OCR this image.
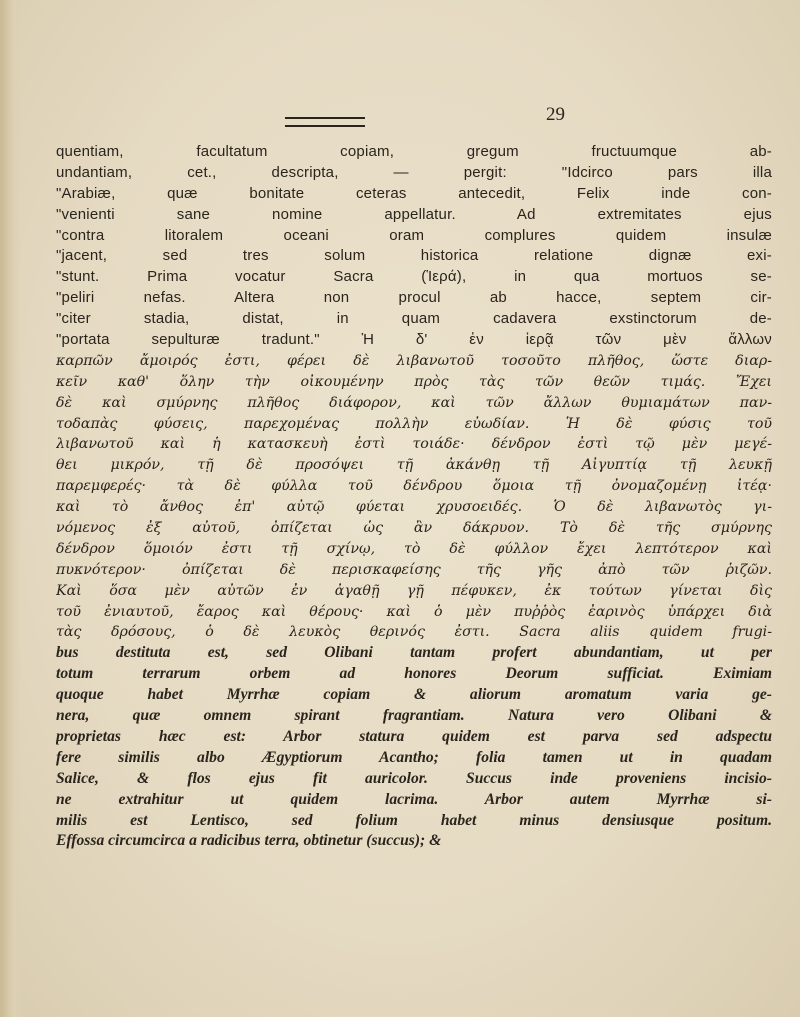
29
quentiam, facultatum copiam, gregum fructuumque ab-
undantiam, cet., descripta, — pergit: "Idcirco pars illa
"Arabiæ, quæ bonitate ceteras antecedit, Felix inde con-
"venienti sane nomine appellatur. Ad extremitates ejus
"contra litoralem oceani oram complures quidem insulæ
"jacent, sed tres solum historica relatione dignæ exi-
"stunt. Prima vocatur Sacra (Ἱερά), in qua mortuos se-
"peliri nefas. Altera non procul ab hacce, septem cir-
"citer stadia, distat, in quam cadavera exstinctorum de-
"portata sepulturæ tradunt." Ἡ δ' ἐν ἱερᾷ τῶν μὲν ἄλλων
καρπῶν ἄμοιρός ἐστι, φέρει δὲ λιβανωτοῦ τοσοῦτο πλῆθος, ὥστε διαρ-
κεῖν καθ' ὅλην τὴν οἰκουμένην πρὸς τὰς τῶν θεῶν τιμάς. Ἔχει
δὲ καὶ σμύρνης πλῆθος διάφορον, καὶ τῶν ἄλλων θυμιαμάτων παν-
τοδαπὰς φύσεις, παρεχομένας πολλὴν εὐωδίαν. Ἡ δὲ φύσις τοῦ
λιβανωτοῦ καὶ ἡ κατασκευὴ ἐστὶ τοιάδε· δένδρον ἐστὶ τῷ μὲν μεγέ-
θει μικρόν, τῇ δὲ προσόψει τῇ ἀκάνθῃ τῇ Αἰγυπτίᾳ τῇ λευκῇ
παρεμφερές· τὰ δὲ φύλλα τοῦ δένδρου ὅμοια τῇ ὀνομαζομένῃ ἰτέᾳ·
καὶ τὸ ἄνθος ἐπ' αὐτῷ φύεται χρυσοειδές. Ὁ δὲ λιβανωτὸς γι-
νόμενος ἐξ αὐτοῦ, ὀπίζεται ὡς ἂν δάκρυον. Τὸ δὲ τῆς σμύρνης
δένδρον ὅμοιόν ἐστι τῇ σχίνῳ, τὸ δὲ φύλλον ἔχει λεπτότερον καὶ
πυκνότερον· ὀπίζεται δὲ περισκαφείσης τῆς γῆς ἀπὸ τῶν ῥιζῶν.
Καὶ ὅσα μὲν αὐτῶν ἐν ἀγαθῇ γῇ πέφυκεν, ἐκ τούτων γίνεται δὶς
τοῦ ἐνιαυτοῦ, ἔαρος καὶ θέρους· καὶ ὁ μὲν πυῤῥὸς ἐαρινὸς ὑπάρχει διὰ
τὰς δρόσους, ὁ δὲ λευκὸς θερινός ἐστι. Sacra aliis quidem frugi-
bus destituta est, sed Olibani tantam profert abundantiam, ut per
totum terrarum orbem ad honores Deorum sufficiat. Eximiam
quoque habet Myrrhæ copiam & aliorum aromatum varia ge-
nera, quæ omnem spirant fragrantiam. Natura vero Olibani &
proprietas hæc est: Arbor statura quidem est parva sed adspectu
fere similis albo Ægyptiorum Acantho; folia tamen ut in quadam
Salice, & flos ejus fit auricolor. Succus inde proveniens incisio-
ne extrahitur ut quidem lacrima. Arbor autem Myrrhæ si-
milis est Lentisco, sed folium habet minus densiusque positum.
Effossa circumcirca a radicibus terra, obtinetur (succus); &
